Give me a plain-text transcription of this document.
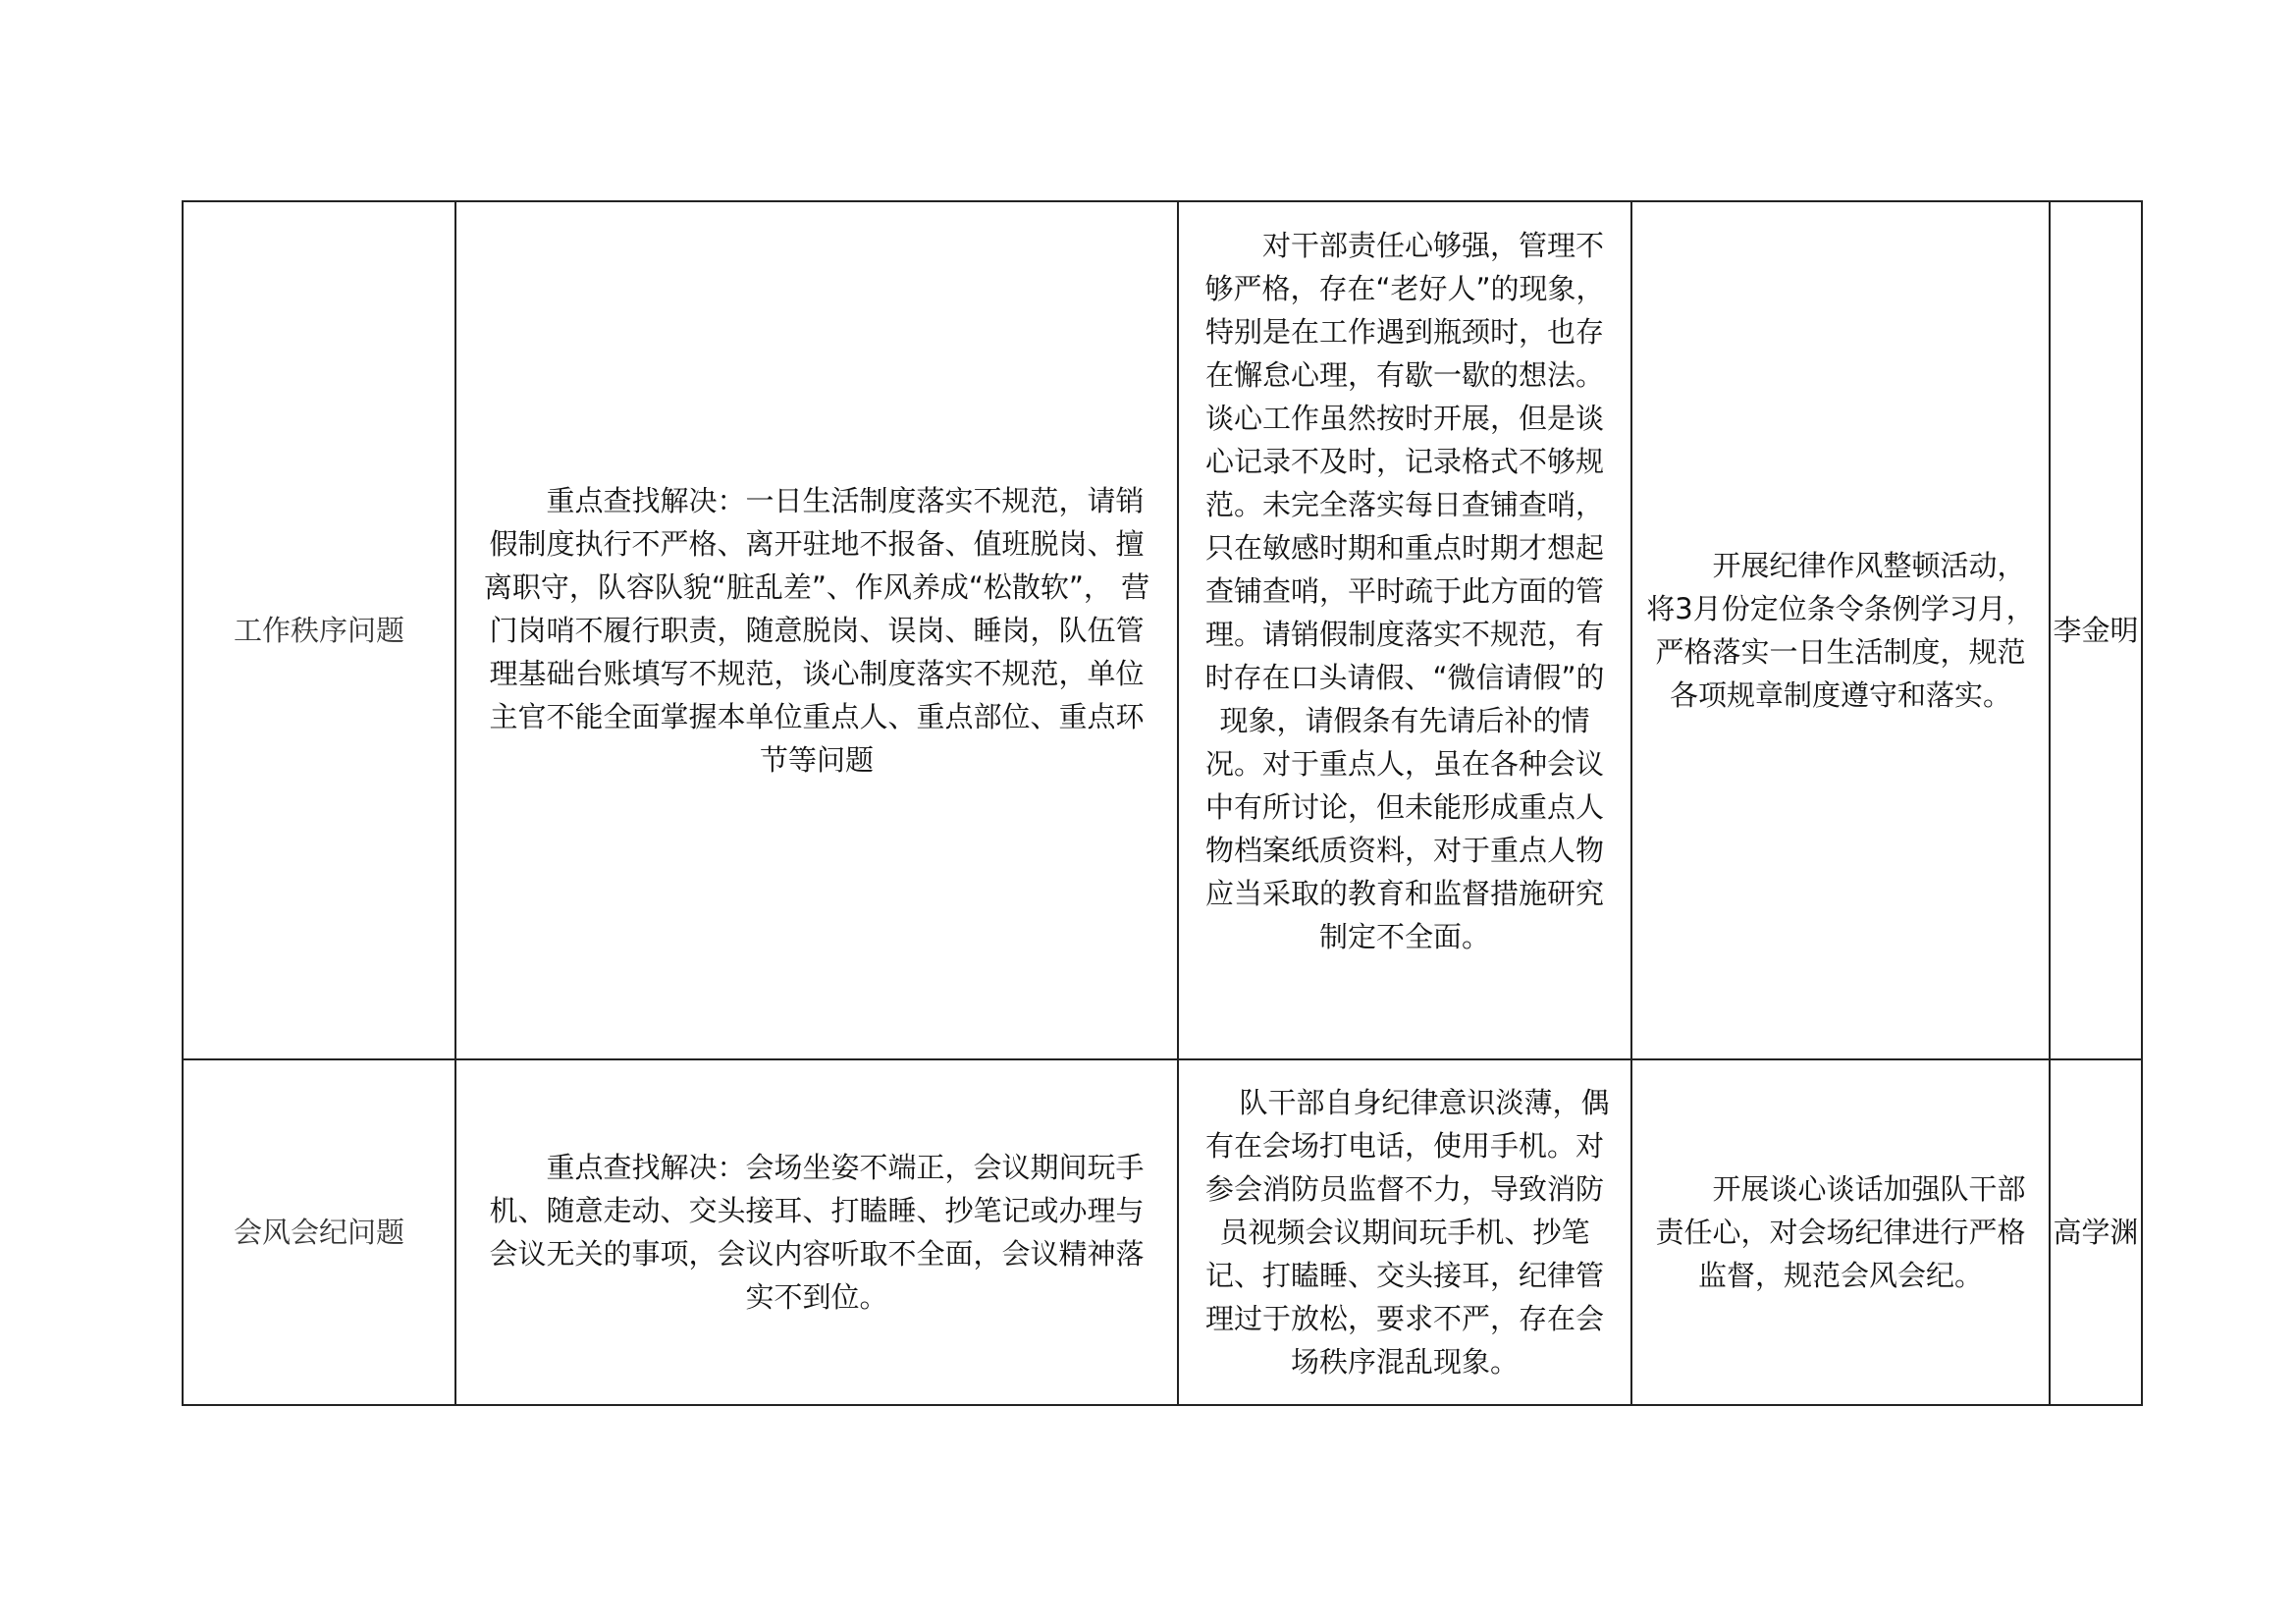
工作秩序问题	重点查找解决：一日生活制度落实不规范，请销假制度执行不严格、离开驻地不报备、值班脱岗、擅离职守，队容队貌“脏乱差”、作风养成“松散软”， 营门岗哨不履行职责，随意脱岗、误岗、睡岗，队伍管理基础台账填写不规范，谈心制度落实不规范，单位主官不能全面掌握本单位重点人、重点部位、重点环节等问题	对干部责任心够强，管理不够严格，存在“老好人”的现象，特别是在工作遇到瓶颈时，也存在懈怠心理，有歇一歇的想法。谈心工作虽然按时开展，但是谈心记录不及时，记录格式不够规范。未完全落实每日查铺查哨，只在敏感时期和重点时期才想起查铺查哨，平时疏于此方面的管理。请销假制度落实不规范，有时存在口头请假、“微信请假”的现象，请假条有先请后补的情况。对于重点人，虽在各种会议中有所讨论，但未能形成重点人物档案纸质资料，对于重点人物应当采取的教育和监督措施研究制定不全面。	开展纪律作风整顿活动，将3月份定位条令条例学习月，严格落实一日生活制度，规范各项规章制度遵守和落实。	李金明
会风会纪问题	重点查找解决：会场坐姿不端正，会议期间玩手机、随意走动、交头接耳、打瞌睡、抄笔记或办理与会议无关的事项，会议内容听取不全面，会议精神落实不到位。	队干部自身纪律意识淡薄，偶有在会场打电话，使用手机。对参会消防员监督不力，导致消防员视频会议期间玩手机、抄笔记、打瞌睡、交头接耳，纪律管理过于放松，要求不严，存在会场秩序混乱现象。	开展谈心谈话加强队干部责任心，对会场纪律进行严格监督，规范会风会纪。	高学渊
